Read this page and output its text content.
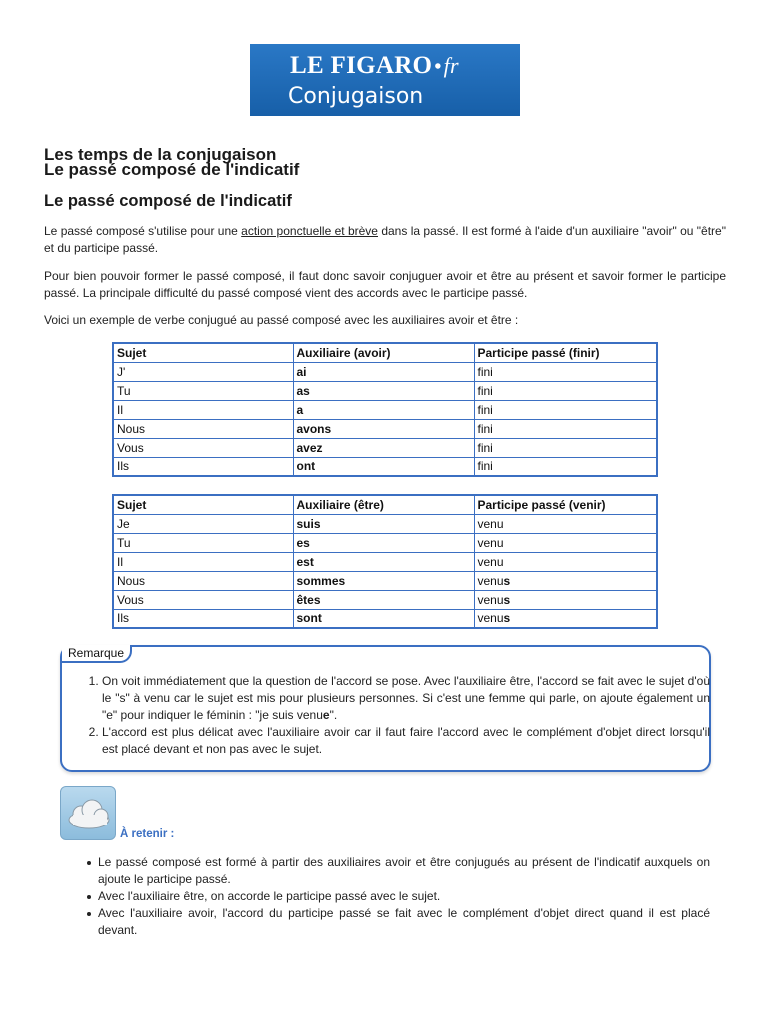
LE FIGARO •fr
Conjugaison
Les temps de la conjugaison
Le passé composé de l'indicatif
Le passé composé de l'indicatif

Le passé composé s'utilise pour une action ponctuelle et brève dans la passé. Il est formé à l'aide d'un auxiliaire "avoir" ou "être" et du participe passé.

Pour bien pouvoir former le passé composé, il faut donc savoir conjuguer avoir et être au présent et savoir former le participe passé. La principale difficulté du passé composé vient des accords avec le participe passé.

Voici un exemple de verbe conjugué au passé composé avec les auxiliaires avoir et être :

Sujet	Auxiliaire (avoir)	Participe passé (finir)
J'	ai	fini
Tu	as	fini
Il	a	fini
Nous	avons	fini
Vous	avez	fini
Ils	ont	fini
Sujet	Auxiliaire (être)	Participe passé (venir)
Je	suis	venu
Tu	es	venu
Il	est	venu
Nous	sommes	venus
Vous	êtes	venus
Ils	sont	venus
1. On voit immédiatement que la question de l'accord se pose. Avec l'auxiliaire être, l'accord se fait avec le sujet d'où le "s" à venu car le sujet est mis pour plusieurs personnes. Si c'est une femme qui parle, on ajoute également un "e" pour indiquer le féminin : "je suis venue".
2. L'accord est plus délicat avec l'auxiliaire avoir car il faut faire l'accord avec le complément d'objet direct lorsqu'il est placé devant et non pas avec le sujet.
Remarque
À retenir :
Le passé composé est formé à partir des auxiliaires avoir et être conjugués au présent de l'indicatif auxquels on ajoute le participe passé.
Avec l'auxiliaire être, on accorde le participe passé avec le sujet.
Avec l'auxiliaire avoir, l'accord du participe passé se fait avec le complément d'objet direct quand il est placé devant.
